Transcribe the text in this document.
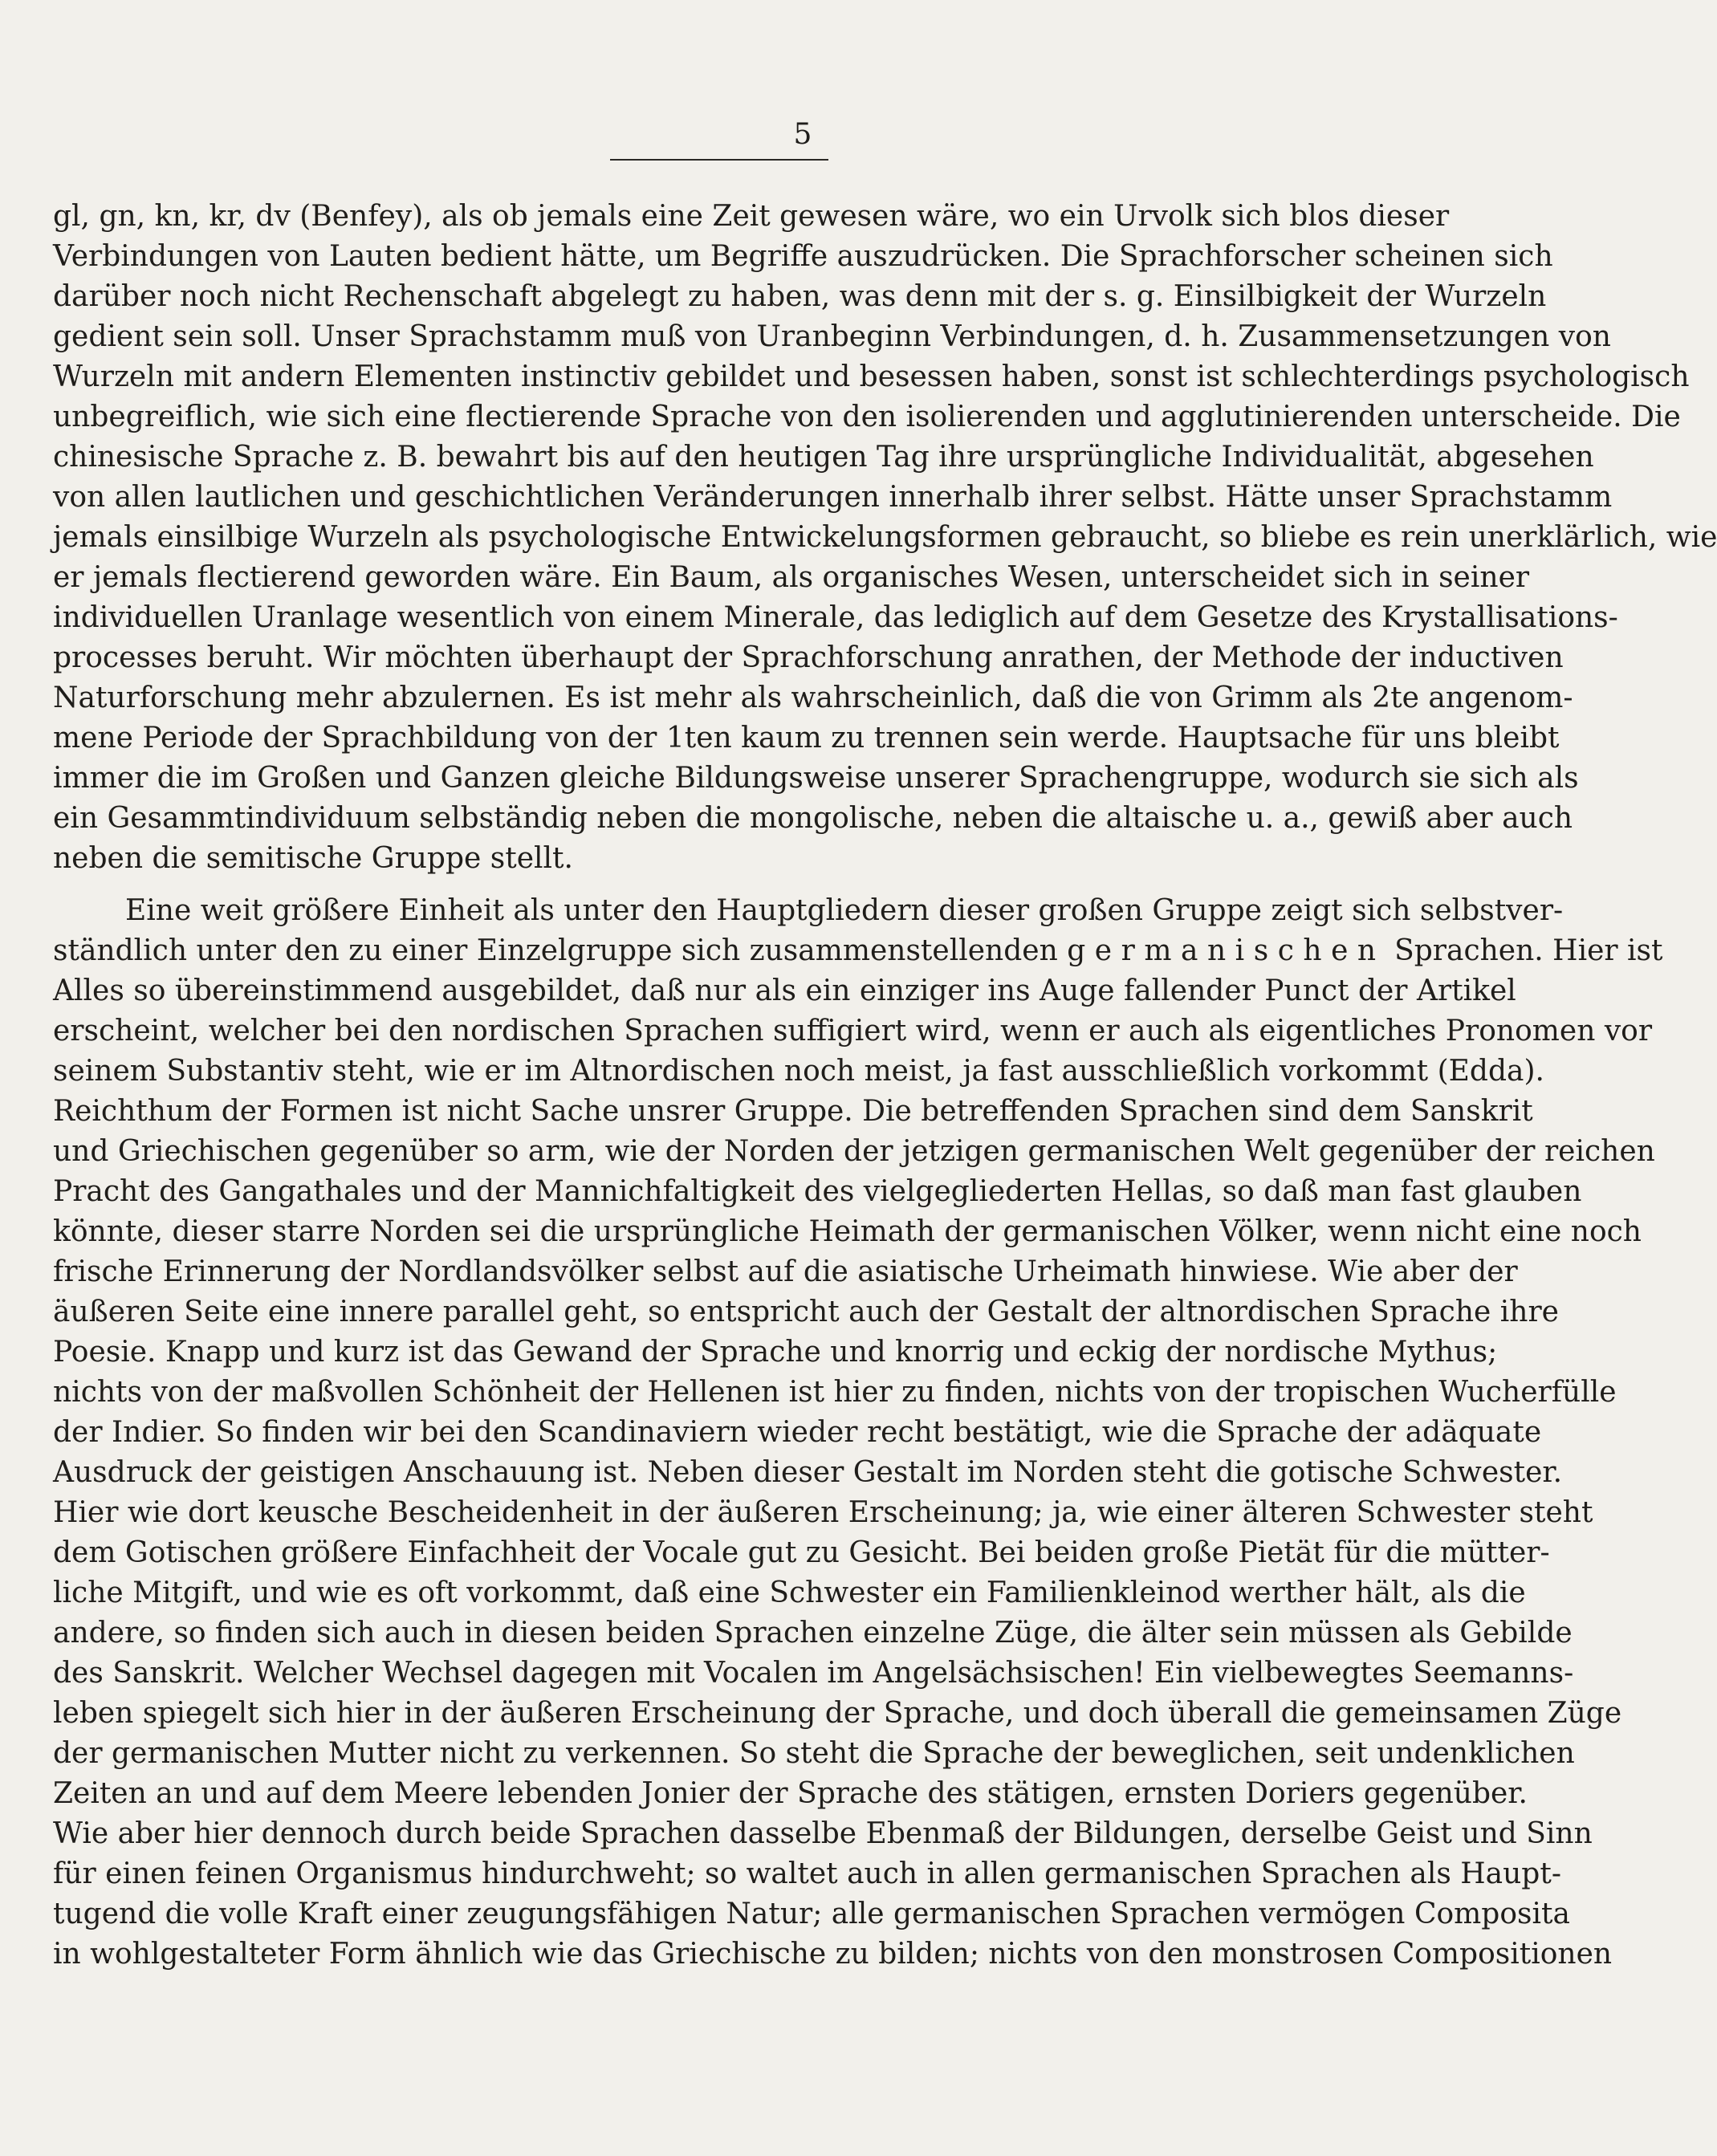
5
gl, gn, kn, kr, dv (Benfey), als ob jemals eine Zeit gewesen wäre, wo ein Urvolk sich blos dieser
Verbindungen von Lauten bedient hätte, um Begriffe auszudrücken. Die Sprachforscher scheinen sich
darüber noch nicht Rechenschaft abgelegt zu haben, was denn mit der s. g. Einsilbigkeit der Wurzeln
gedient sein soll. Unser Sprachstamm muß von Uranbeginn Verbindungen, d. h. Zusammensetzungen von
Wurzeln mit andern Elementen instinctiv gebildet und besessen haben, sonst ist schlechterdings psychologisch
unbegreiflich, wie sich eine flectierende Sprache von den isolierenden und agglutinierenden unterscheide. Die
chinesische Sprache z. B. bewahrt bis auf den heutigen Tag ihre ursprüngliche Individualität, abgesehen
von allen lautlichen und geschichtlichen Veränderungen innerhalb ihrer selbst. Hätte unser Sprachstamm
jemals einsilbige Wurzeln als psychologische Entwickelungsformen gebraucht, so bliebe es rein unerklärlich, wie
er jemals flectierend geworden wäre. Ein Baum, als organisches Wesen, unterscheidet sich in seiner
individuellen Uranlage wesentlich von einem Minerale, das lediglich auf dem Gesetze des Krystallisations-
processes beruht. Wir möchten überhaupt der Sprachforschung anrathen, der Methode der inductiven
Naturforschung mehr abzulernen. Es ist mehr als wahrscheinlich, daß die von Grimm als 2te angenom-
mene Periode der Sprachbildung von der 1ten kaum zu trennen sein werde. Hauptsache für uns bleibt
immer die im Großen und Ganzen gleiche Bildungsweise unserer Sprachengruppe, wodurch sie sich als
ein Gesammtindividuum selbständig neben die mongolische, neben die altaische u. a., gewiß aber auch
neben die semitische Gruppe stellt.
Eine weit größere Einheit als unter den Hauptgliedern dieser großen Gruppe zeigt sich selbstver-
ständlich unter den zu einer Einzelgruppe sich zusammenstellenden germanischen Sprachen. Hier ist
Alles so übereinstimmend ausgebildet, daß nur als ein einziger ins Auge fallender Punct der Artikel
erscheint, welcher bei den nordischen Sprachen suffigiert wird, wenn er auch als eigentliches Pronomen vor
seinem Substantiv steht, wie er im Altnordischen noch meist, ja fast ausschließlich vorkommt (Edda).
Reichthum der Formen ist nicht Sache unsrer Gruppe. Die betreffenden Sprachen sind dem Sanskrit
und Griechischen gegenüber so arm, wie der Norden der jetzigen germanischen Welt gegenüber der reichen
Pracht des Gangathales und der Mannichfaltigkeit des vielgegliederten Hellas, so daß man fast glauben
könnte, dieser starre Norden sei die ursprüngliche Heimath der germanischen Völker, wenn nicht eine noch
frische Erinnerung der Nordlandsvölker selbst auf die asiatische Urheimath hinwiese. Wie aber der
äußeren Seite eine innere parallel geht, so entspricht auch der Gestalt der altnordischen Sprache ihre
Poesie. Knapp und kurz ist das Gewand der Sprache und knorrig und eckig der nordische Mythus;
nichts von der maßvollen Schönheit der Hellenen ist hier zu finden, nichts von der tropischen Wucherfülle
der Indier. So finden wir bei den Scandinaviern wieder recht bestätigt, wie die Sprache der adäquate
Ausdruck der geistigen Anschauung ist. Neben dieser Gestalt im Norden steht die gotische Schwester.
Hier wie dort keusche Bescheidenheit in der äußeren Erscheinung; ja, wie einer älteren Schwester steht
dem Gotischen größere Einfachheit der Vocale gut zu Gesicht. Bei beiden große Pietät für die mütter-
liche Mitgift, und wie es oft vorkommt, daß eine Schwester ein Familienkleinod werther hält, als die
andere, so finden sich auch in diesen beiden Sprachen einzelne Züge, die älter sein müssen als Gebilde
des Sanskrit. Welcher Wechsel dagegen mit Vocalen im Angelsächsischen! Ein vielbewegtes Seemanns-
leben spiegelt sich hier in der äußeren Erscheinung der Sprache, und doch überall die gemeinsamen Züge
der germanischen Mutter nicht zu verkennen. So steht die Sprache der beweglichen, seit undenklichen
Zeiten an und auf dem Meere lebenden Jonier der Sprache des stätigen, ernsten Doriers gegenüber.
Wie aber hier dennoch durch beide Sprachen dasselbe Ebenmaß der Bildungen, derselbe Geist und Sinn
für einen feinen Organismus hindurchweht; so waltet auch in allen germanischen Sprachen als Haupt-
tugend die volle Kraft einer zeugungsfähigen Natur; alle germanischen Sprachen vermögen Composita
in wohlgestalteter Form ähnlich wie das Griechische zu bilden; nichts von den monstrosen Compositionen
